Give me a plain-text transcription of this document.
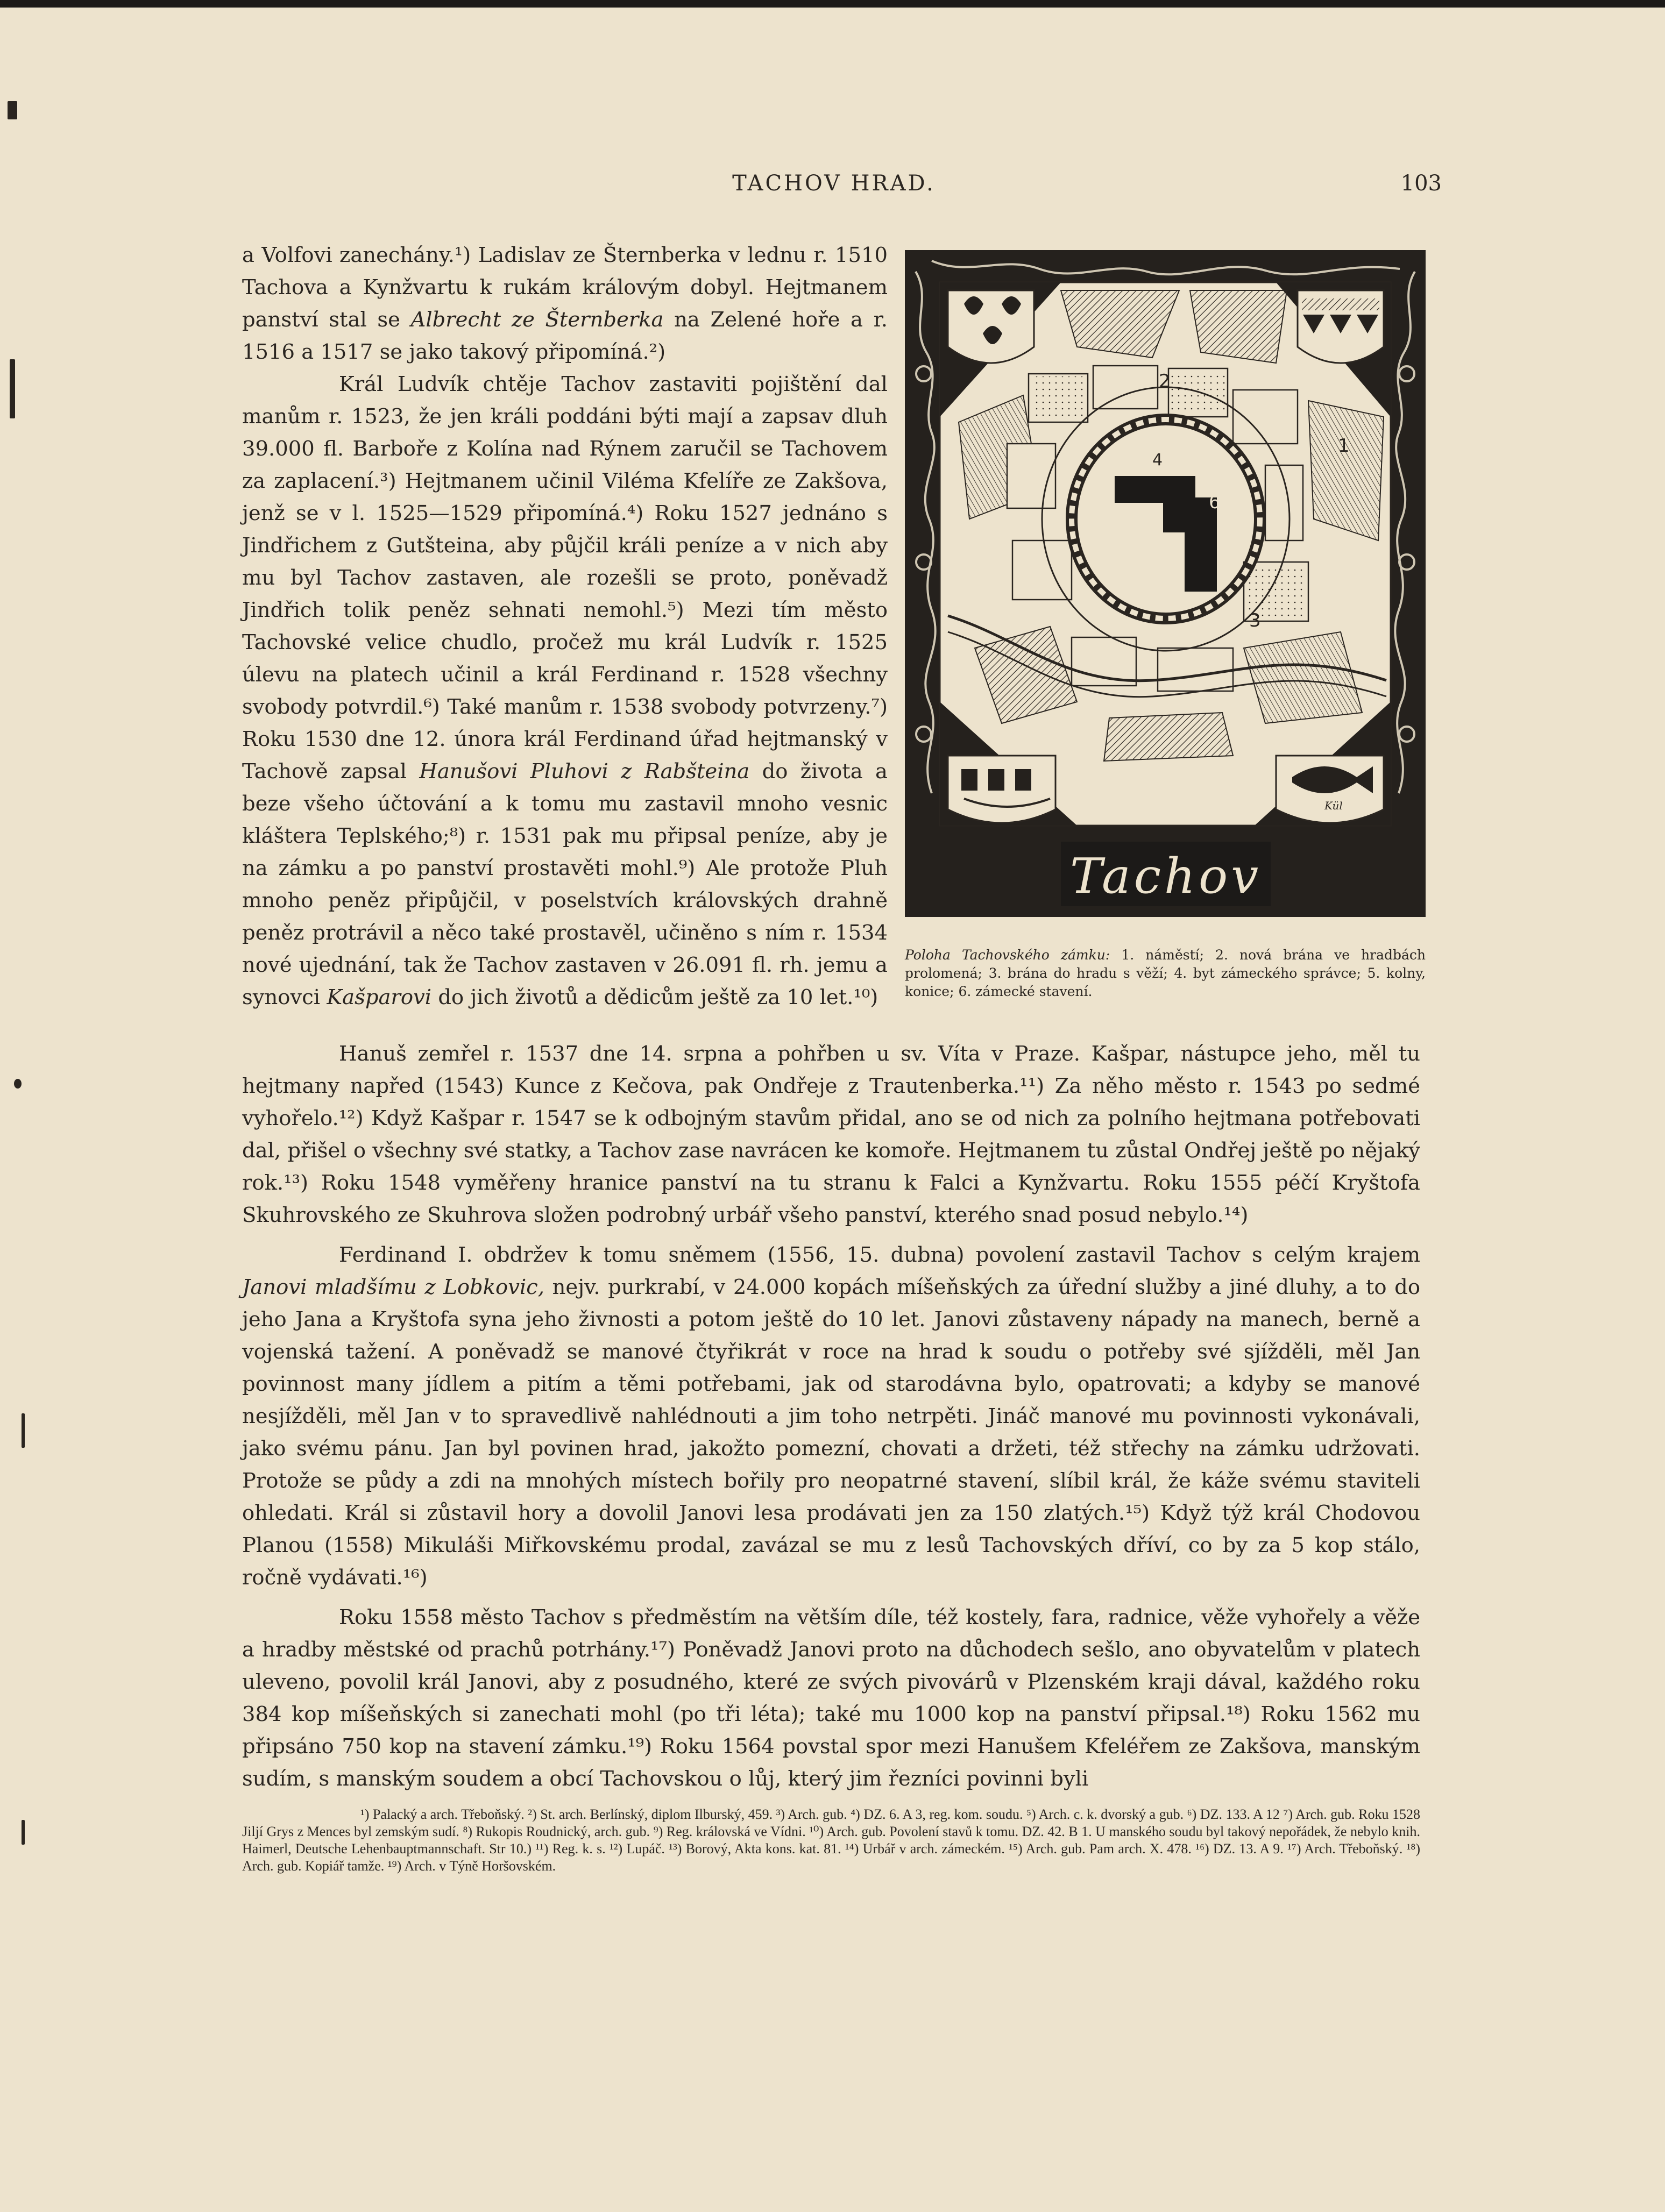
TACHOV HRAD.	103

a Volfovi zanechány.¹) Ladislav ze Šternberka v lednu r. 1510 Tachova a Kynžvartu k rukám královým dobyl. Hejtmanem panství stal se Albrecht ze Šternberka na Zelené hoře a r. 1516 a 1517 se jako takový připomíná.²)

Král Ludvík chtěje Tachov zastaviti pojištění dal manům r. 1523, že jen králi poddáni býti mají a zapsav dluh 39.000 fl. Barboře z Kolína nad Rýnem zaručil se Tachovem za zaplacení.³) Hejtmanem učinil Viléma Kfelíře ze Zakšova, jenž se v l. 1525—1529 připomíná.⁴) Roku 1527 jednáno s Jindřichem z Gutšteina, aby půjčil králi peníze a v nich aby mu byl Tachov zastaven, ale rozešli se proto, poněvadž Jindřich tolik peněz sehnati nemohl.⁵) Mezi tím město Tachovské velice chudlo, pročež mu král Ludvík r. 1525 úlevu na platech učinil a král Ferdinand r. 1528 všechny svobody potvrdil.⁶) Také manům r. 1538 svobody potvrzeny.⁷) Roku 1530 dne 12. února král Ferdinand úřad hejtmanský v Tachově zapsal Hanušovi Pluhovi z Rabšteina do života a beze všeho účtování a k tomu mu zastavil mnoho vesnic kláštera Teplského;⁸) r. 1531 pak mu připsal peníze, aby je na zámku a po panství prostavěti mohl.⁹) Ale protože Pluh mnoho peněz připůjčil, v poselstvích královských drahně peněz protrávil a něco také prostavěl, učiněno s ním r. 1534 nové ujednání, tak že Tachov zastaven v 26.091 fl. rh. jemu a synovci Kašparovi do jich životů a dědicům ještě za 10 let.¹⁰)

1
2
3
4
6
Kül
Tachov
Poloha Tachovského zámku: 1. náměstí; 2. nová brána ve hradbách prolomená; 3. brána do hradu s věží; 4. byt zámeckého správce; 5. kolny, konice; 6. zámecké stavení.

Hanuš zemřel r. 1537 dne 14. srpna a pohřben u sv. Víta v Praze. Kašpar, nástupce jeho, měl tu hejtmany napřed (1543) Kunce z Kečova, pak Ondřeje z Trautenberka.¹¹) Za něho město r. 1543 po sedmé vyhořelo.¹²) Když Kašpar r. 1547 se k odbojným stavům přidal, ano se od nich za polního hejtmana potřebovati dal, přišel o všechny své statky, a Tachov zase navrácen ke komoře. Hejtmanem tu zůstal Ondřej ještě po nějaký rok.¹³) Roku 1548 vyměřeny hranice panství na tu stranu k Falci a Kynžvartu. Roku 1555 péčí Kryštofa Skuhrovského ze Skuhrova složen podrobný urbář všeho panství, kterého snad posud nebylo.¹⁴)

Ferdinand I. obdržev k tomu sněmem (1556, 15. dubna) povolení zastavil Tachov s celým krajem Janovi mladšímu z Lobkovic, nejv. purkrabí, v 24.000 kopách míšeňských za úřední služby a jiné dluhy, a to do jeho Jana a Kryštofa syna jeho živnosti a potom ještě do 10 let. Janovi zůstaveny nápady na manech, berně a vojenská tažení. A poněvadž se manové čtyřikrát v roce na hrad k soudu o potřeby své sjížděli, měl Jan povinnost many jídlem a pitím a těmi potřebami, jak od starodávna bylo, opatrovati; a kdyby se manové nesjížděli, měl Jan v to spravedlivě nahlédnouti a jim toho netrpěti. Jináč manové mu povinnosti vykonávali, jako svému pánu. Jan byl povinen hrad, jakožto pomezní, chovati a držeti, též střechy na zámku udržovati. Protože se půdy a zdi na mnohých místech bořily pro neopatrné stavení, slíbil král, že káže svému staviteli ohledati. Král si zůstavil hory a dovolil Janovi lesa prodávati jen za 150 zlatých.¹⁵) Když týž král Chodovou Planou (1558) Mikuláši Miřkovskému prodal, zavázal se mu z lesů Tachovských dříví, co by za 5 kop stálo, ročně vydávati.¹⁶)

Roku 1558 město Tachov s předměstím na větším díle, též kostely, fara, radnice, věže vyhořely a věže a hradby městské od prachů potrhány.¹⁷) Poněvadž Janovi proto na důchodech sešlo, ano obyvatelům v platech uleveno, povolil král Janovi, aby z posudného, které ze svých pivovárů v Plzenském kraji dával, každého roku 384 kop míšeňských si zanechati mohl (po tři léta); také mu 1000 kop na panství připsal.¹⁸) Roku 1562 mu připsáno 750 kop na stavení zámku.¹⁹) Roku 1564 povstal spor mezi Hanušem Kfeléřem ze Zakšova, manským sudím, s manským soudem a obcí Tachovskou o lůj, který jim řezníci povinni byli

¹) Palacký a arch. Třeboňský. ²) St. arch. Berlínský, diplom Ilburský, 459. ³) Arch. gub. ⁴) DZ. 6. A 3, reg. kom. soudu. ⁵) Arch. c. k. dvorský a gub. ⁶) DZ. 133. A 12 ⁷) Arch. gub. Roku 1528 Jiljí Grys z Mences byl zemským sudí. ⁸) Rukopis Roudnický, arch. gub. ⁹) Reg. královská ve Vídni. ¹⁰) Arch. gub. Povolení stavů k tomu. DZ. 42. B 1. U manského soudu byl takový nepořádek, že nebylo knih. Haimerl, Deutsche Lehenbauptmannschaft. Str 10.) ¹¹) Reg. k. s. ¹²) Lupáč. ¹³) Borový, Akta kons. kat. 81. ¹⁴) Urbář v arch. zámeckém. ¹⁵) Arch. gub. Pam arch. X. 478. ¹⁶) DZ. 13. A 9. ¹⁷) Arch. Třeboňský. ¹⁸) Arch. gub. Kopiář tamže. ¹⁹) Arch. v Týně Horšovském.
